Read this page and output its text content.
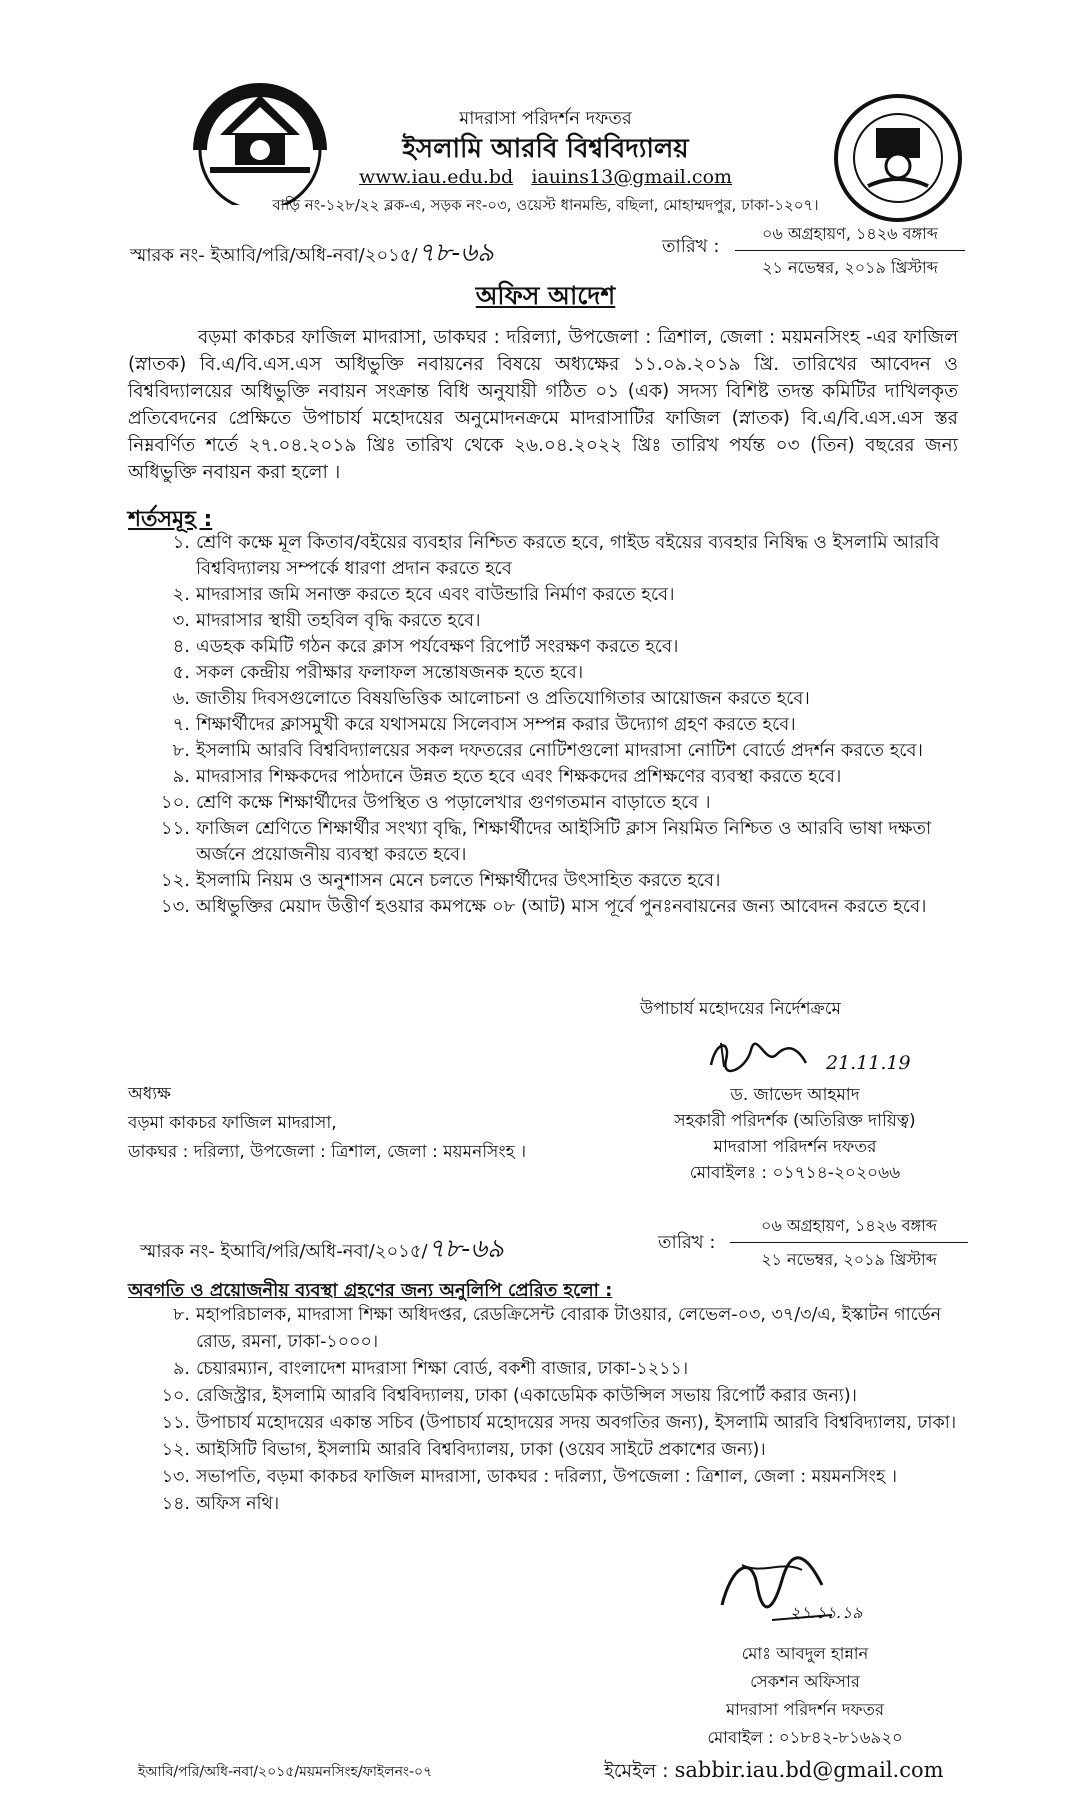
মাদরাসা পরিদর্শন দফতর
ইসলামি আরবি বিশ্ববিদ্যালয়
www.iau.edu.bd iauins13@gmail.com
বাড়ি নং-১২৮/২২ ব্লক-এ, সড়ক নং-০৩, ওয়েস্ট ধানমন্ডি, বছিলা, মোহাম্মদপুর, ঢাকা-১২০৭।
স্মারক নং- ইআবি/পরি/অধি-নবা/২০১৫/৭৮-৬৯	তারিখ :
০৬ অগ্রহায়ণ, ১৪২৬ বঙ্গাব্দ
২১ নভেম্বর, ২০১৯ খ্রিস্টাব্দ
অফিস আদেশ
বড়মা কাকচর ফাজিল মাদরাসা, ডাকঘর : দরিল্যা, উপজেলা : ত্রিশাল, জেলা : ময়মনসিংহ -এর ফাজিল (স্নাতক) বি.এ/বি.এস.এস অধিভুক্তি নবায়নের বিষয়ে অধ্যক্ষের ১১.০৯.২০১৯ খ্রি. তারিখের আবেদন ও বিশ্ববিদ্যালয়ের অধিভুক্তি নবায়ন সংক্রান্ত বিধি অনুযায়ী গঠিত ০১ (এক) সদস্য বিশিষ্ট তদন্ত কমিটির দাখিলকৃত প্রতিবেদনের প্রেক্ষিতে উপাচার্য মহোদয়ের অনুমোদনক্রমে মাদরাসাটির ফাজিল (স্নাতক) বি.এ/বি.এস.এস স্তর নিম্নবর্ণিত শর্তে ২৭.০৪.২০১৯ খ্রিঃ তারিখ থেকে ২৬.০৪.২০২২ খ্রিঃ তারিখ পর্যন্ত ০৩ (তিন) বছরের জন্য অধিভুক্তি নবায়ন করা হলো ।
শর্তসমূহ :
১. শ্রেণি কক্ষে মূল কিতাব/বইয়ের ব্যবহার নিশ্চিত করতে হবে, গাইড বইয়ের ব্যবহার নিষিদ্ধ ও ইসলামি আরবি বিশ্ববিদ্যালয় সম্পর্কে ধারণা প্রদান করতে হবে
২. মাদরাসার জমি সনাক্ত করতে হবে এবং বাউন্ডারি নির্মাণ করতে হবে।
৩. মাদরাসার স্থায়ী তহবিল বৃদ্ধি করতে হবে।
৪. এডহক কমিটি গঠন করে ক্লাস পর্যবেক্ষণ রিপোর্ট সংরক্ষণ করতে হবে।
৫. সকল কেন্দ্রীয় পরীক্ষার ফলাফল সন্তোষজনক হতে হবে।
৬. জাতীয় দিবসগুলোতে বিষয়ভিত্তিক আলোচনা ও প্রতিযোগিতার আয়োজন করতে হবে।
৭. শিক্ষার্থীদের ক্লাসমুখী করে যথাসময়ে সিলেবাস সম্পন্ন করার উদ্যোগ গ্রহণ করতে হবে।
৮. ইসলামি আরবি বিশ্ববিদ্যালয়ের সকল দফতরের নোটিশগুলো মাদরাসা নোটিশ বোর্ডে প্রদর্শন করতে হবে।
৯. মাদরাসার শিক্ষকদের পাঠদানে উন্নত হতে হবে এবং শিক্ষকদের প্রশিক্ষণের ব্যবস্থা করতে হবে।
১০. শ্রেণি কক্ষে শিক্ষার্থীদের উপস্থিত ও পড়ালেখার গুণগতমান বাড়াতে হবে ।
১১. ফাজিল শ্রেণিতে শিক্ষার্থীর সংখ্যা বৃদ্ধি, শিক্ষার্থীদের আইসিটি ক্লাস নিয়মিত নিশ্চিত ও আরবি ভাষা দক্ষতা অর্জনে প্রয়োজনীয় ব্যবস্থা করতে হবে।
১২. ইসলামি নিয়ম ও অনুশাসন মেনে চলতে শিক্ষার্থীদের উৎসাহিত করতে হবে।
১৩. অধিভুক্তির মেয়াদ উত্তীর্ণ হওয়ার কমপক্ষে ০৮ (আট) মাস পূর্বে পুনঃনবায়নের জন্য আবেদন করতে হবে।
উপাচার্য মহোদয়ের নির্দেশক্রমে
21.11.19
ড. জাভেদ আহমাদ
সহকারী পরিদর্শক (অতিরিক্ত দায়িত্ব)
মাদরাসা পরিদর্শন দফতর
মোবাইলঃ : ০১৭১৪-২০২০৬৬
অধ্যক্ষ
বড়মা কাকচর ফাজিল মাদরাসা,
ডাকঘর : দরিল্যা, উপজেলা : ত্রিশাল, জেলা : ময়মনসিংহ ।
স্মারক নং- ইআবি/পরি/অধি-নবা/২০১৫/৭৮-৬৯	তারিখ :
০৬ অগ্রহায়ণ, ১৪২৬ বঙ্গাব্দ
২১ নভেম্বর, ২০১৯ খ্রিস্টাব্দ
অবগতি ও প্রয়োজনীয় ব্যবস্থা গ্রহণের জন্য অনুলিপি প্রেরিত হলো :
৮. মহাপরিচালক, মাদরাসা শিক্ষা অধিদপ্তর, রেডক্রিসেন্ট বোরাক টাওয়ার, লেভেল-০৩, ৩৭/৩/এ, ইস্কাটন গার্ডেন রোড, রমনা, ঢাকা-১০০০।
৯. চেয়ারম্যান, বাংলাদেশ মাদরাসা শিক্ষা বোর্ড, বকশী বাজার, ঢাকা-১২১১।
১০. রেজিস্ট্রার, ইসলামি আরবি বিশ্ববিদ্যালয়, ঢাকা (একাডেমিক কাউন্সিল সভায় রিপোর্ট করার জন্য)।
১১. উপাচার্য মহোদয়ের একান্ত সচিব (উপাচার্য মহোদয়ের সদয় অবগতির জন্য), ইসলামি আরবি বিশ্ববিদ্যালয়, ঢাকা।
১২. আইসিটি বিভাগ, ইসলামি আরবি বিশ্ববিদ্যালয়, ঢাকা (ওয়েব সাইটে প্রকাশের জন্য)।
১৩. সভাপতি, বড়মা কাকচর ফাজিল মাদরাসা, ডাকঘর : দরিল্যা, উপজেলা : ত্রিশাল, জেলা : ময়মনসিংহ ।
১৪. অফিস নথি।
২১.১১.১৯
মোঃ আবদুল হান্নান
সেকশন অফিসার
মাদরাসা পরিদর্শন দফতর
মোবাইল : ০১৮৪২-৮১৬৯২০
ইমেইল : sabbir.iau.bd@gmail.com
ইআবি/পরি/অধি-নবা/২০১৫/ময়মনসিংহ/ফাইলনং-০৭
